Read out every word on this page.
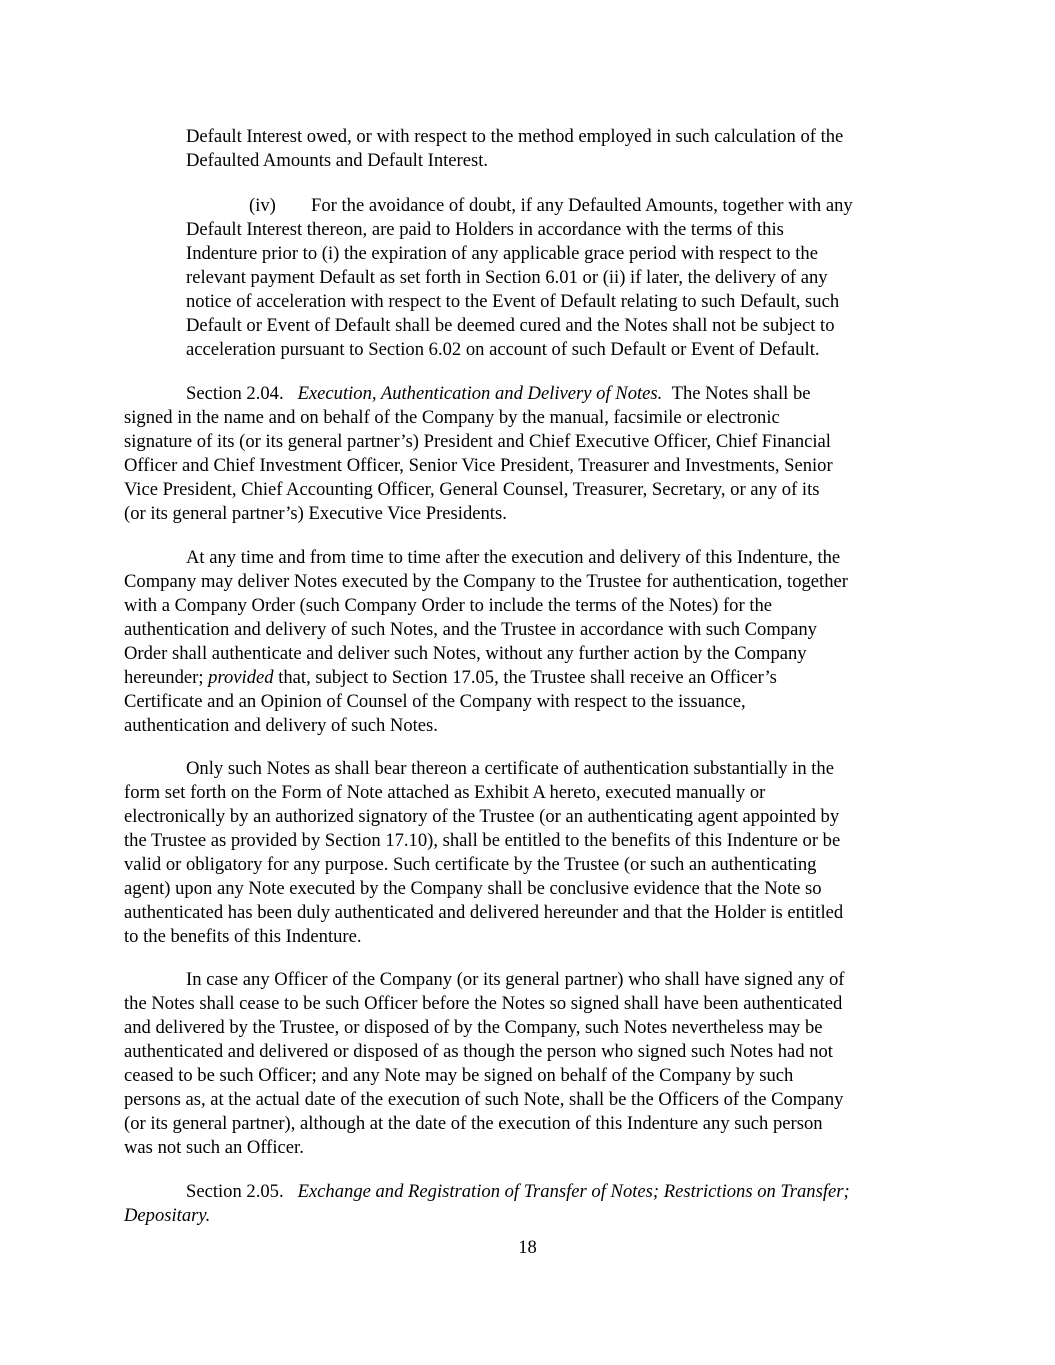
Default Interest owed, or with respect to the method employed in such calculation of the
Defaulted Amounts and Default Interest.
(iv) For the avoidance of doubt, if any Defaulted Amounts, together with any
Default Interest thereon, are paid to Holders in accordance with the terms of this
Indenture prior to (i) the expiration of any applicable grace period with respect to the
relevant payment Default as set forth in Section 6.01 or (ii) if later, the delivery of any
notice of acceleration with respect to the Event of Default relating to such Default, such
Default or Event of Default shall be deemed cured and the Notes shall not be subject to
acceleration pursuant to Section 6.02 on account of such Default or Event of Default.
Section 2.04. Execution, Authentication and Delivery of Notes. The Notes shall be
signed in the name and on behalf of the Company by the manual, facsimile or electronic
signature of its (or its general partner’s) President and Chief Executive Officer, Chief Financial
Officer and Chief Investment Officer, Senior Vice President, Treasurer and Investments, Senior
Vice President, Chief Accounting Officer, General Counsel, Treasurer, Secretary, or any of its
(or its general partner’s) Executive Vice Presidents.
At any time and from time to time after the execution and delivery of this Indenture, the
Company may deliver Notes executed by the Company to the Trustee for authentication, together
with a Company Order (such Company Order to include the terms of the Notes) for the
authentication and delivery of such Notes, and the Trustee in accordance with such Company
Order shall authenticate and deliver such Notes, without any further action by the Company
hereunder; provided that, subject to Section 17.05, the Trustee shall receive an Officer’s
Certificate and an Opinion of Counsel of the Company with respect to the issuance,
authentication and delivery of such Notes.
Only such Notes as shall bear thereon a certificate of authentication substantially in the
form set forth on the Form of Note attached as Exhibit A hereto, executed manually or
electronically by an authorized signatory of the Trustee (or an authenticating agent appointed by
the Trustee as provided by Section 17.10), shall be entitled to the benefits of this Indenture or be
valid or obligatory for any purpose. Such certificate by the Trustee (or such an authenticating
agent) upon any Note executed by the Company shall be conclusive evidence that the Note so
authenticated has been duly authenticated and delivered hereunder and that the Holder is entitled
to the benefits of this Indenture.
In case any Officer of the Company (or its general partner) who shall have signed any of
the Notes shall cease to be such Officer before the Notes so signed shall have been authenticated
and delivered by the Trustee, or disposed of by the Company, such Notes nevertheless may be
authenticated and delivered or disposed of as though the person who signed such Notes had not
ceased to be such Officer; and any Note may be signed on behalf of the Company by such
persons as, at the actual date of the execution of such Note, shall be the Officers of the Company
(or its general partner), although at the date of the execution of this Indenture any such person
was not such an Officer.
Section 2.05. Exchange and Registration of Transfer of Notes; Restrictions on Transfer;
Depositary.
18
